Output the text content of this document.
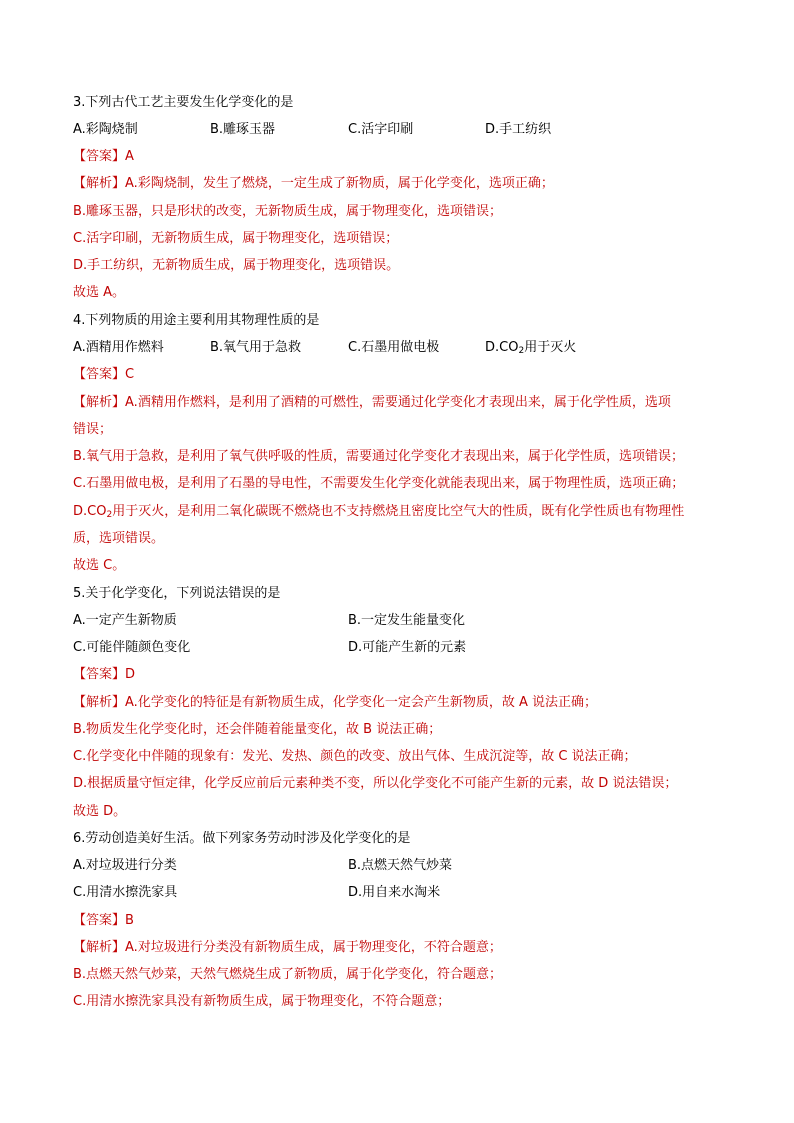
3.下列古代工艺主要发生化学变化的是
A.彩陶烧制	B.雕琢玉器	C.活字印刷	D.手工纺织
【答案】A
【解析】A.彩陶烧制，发生了燃烧，一定生成了新物质，属于化学变化，选项正确；
B.雕琢玉器，只是形状的改变，无新物质生成，属于物理变化，选项错误；
C.活字印刷，无新物质生成，属于物理变化，选项错误；
D.手工纺织，无新物质生成，属于物理变化，选项错误。
故选 A。
4.下列物质的用途主要利用其物理性质的是
A.酒精用作燃料	B.氧气用于急救	C.石墨用做电极	$D.CO_2$用于灭火
【答案】C
【解析】A.酒精用作燃料，是利用了酒精的可燃性，需要通过化学变化才表现出来，属于化学性质，选项
错误；
B.氧气用于急救，是利用了氧气供呼吸的性质，需要通过化学变化才表现出来，属于化学性质，选项错误；
C.石墨用做电极，是利用了石墨的导电性，不需要发生化学变化就能表现出来，属于物理性质，选项正确；
$D.CO_2$用于灭火，是利用二氧化碳既不燃烧也不支持燃烧且密度比空气大的性质，既有化学性质也有物理性
质，选项错误。
故选 C。
5.关于化学变化，下列说法错误的是
A.一定产生新物质	B.一定发生能量变化
C.可能伴随颜色变化	D.可能产生新的元素
【答案】D
【解析】A.化学变化的特征是有新物质生成，化学变化一定会产生新物质，故 A 说法正确；
B.物质发生化学变化时，还会伴随着能量变化，故 B 说法正确；
C.化学变化中伴随的现象有：发光、发热、颜色的改变、放出气体、生成沉淀等，故 C 说法正确；
D.根据质量守恒定律，化学反应前后元素种类不变，所以化学变化不可能产生新的元素，故 D 说法错误；
故选 D。
6.劳动创造美好生活。做下列家务劳动时涉及化学变化的是
A.对垃圾进行分类	B.点燃天然气炒菜
C.用清水擦洗家具	D.用自来水淘米
【答案】B
【解析】A.对垃圾进行分类没有新物质生成，属于物理变化，不符合题意；
B.点燃天然气炒菜，天然气燃烧生成了新物质，属于化学变化，符合题意；
C.用清水擦洗家具没有新物质生成，属于物理变化，不符合题意；
